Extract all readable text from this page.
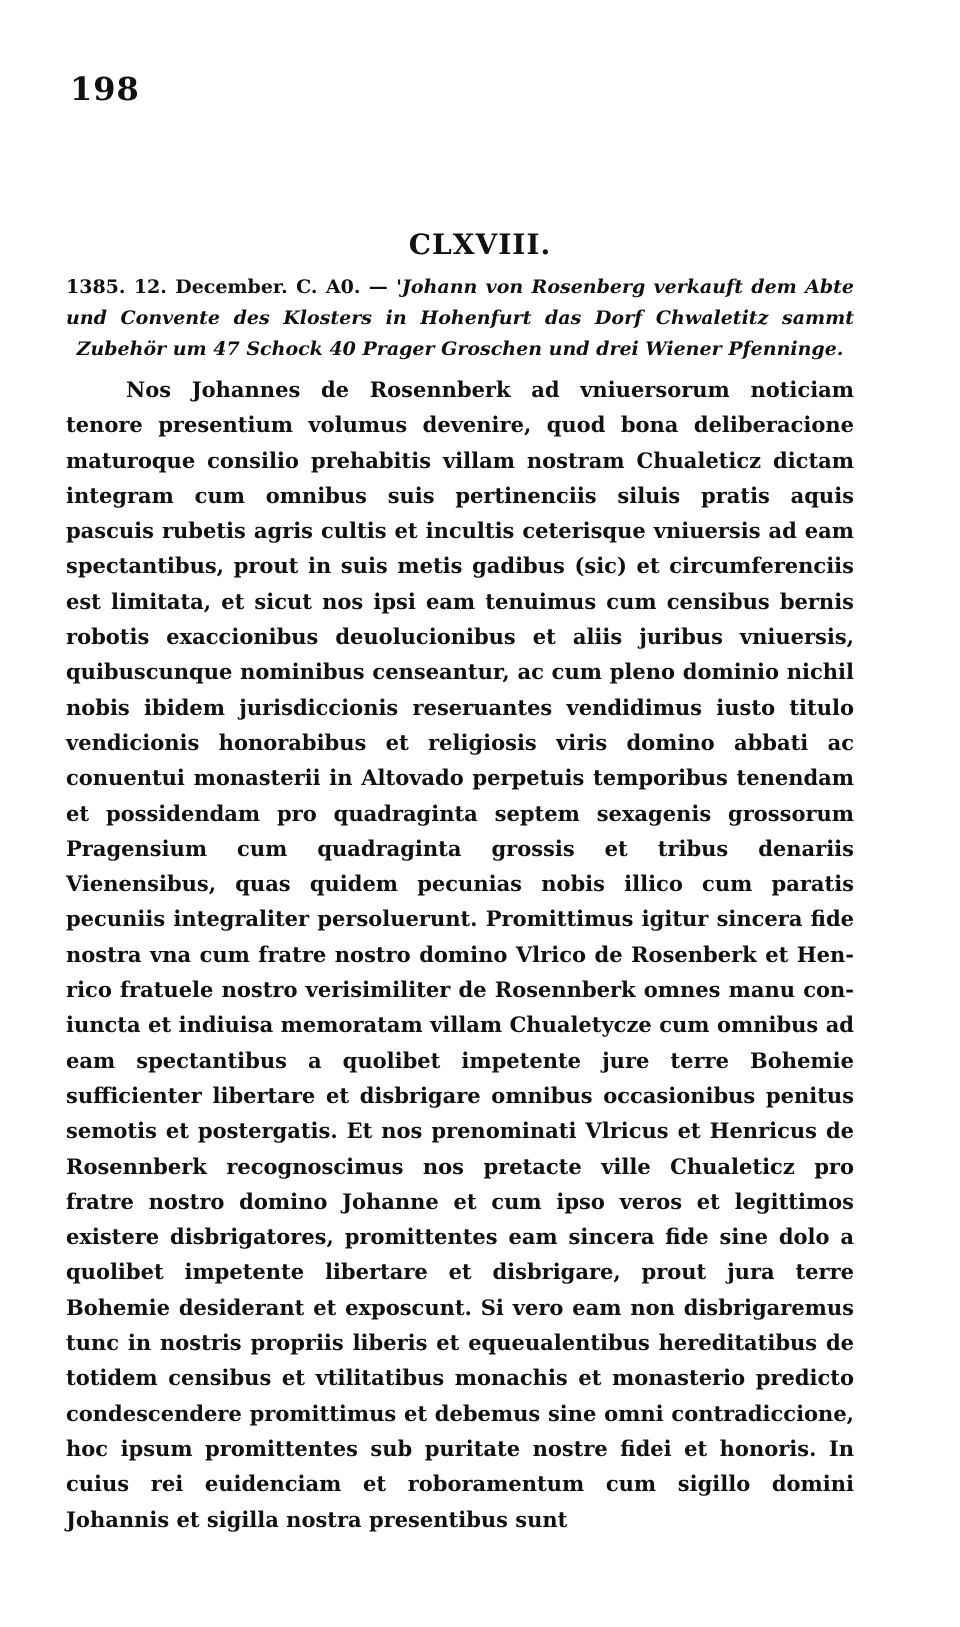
198
CLXVIII.
1385. 12. December. C. A0. — 'Johann von Rosenberg verkauft dem Abte und Convente des Klosters in Hohenfurt das Dorf Chwaletitz sammt Zubehör um 47 Schock 40 Prager Groschen und drei Wiener Pfenninge.
Nos Johannes de Rosennberk ad vniuersorum noticiam tenore presentium volumus devenire, quod bona deliberacione maturoque consilio prehabitis villam nostram Chualeticz dictam integram cum omnibus suis pertinenciis siluis pratis aquis pascuis rubetis agris cultis et incultis ceterisque vniuersis ad eam spectantibus, prout in suis metis gadibus (sic) et circumferenciis est limitata, et sicut nos ipsi eam tenuimus cum censibus bernis robotis exaccionibus deuolucionibus et aliis juribus vniuersis, quibuscunque nominibus censeantur, ac cum pleno dominio nichil nobis ibidem jurisdiccionis reseruantes vendidimus iusto titulo vendicionis honorabibus et religiosis viris domino abbati ac conuentui monasterii in Altovado perpetuis temporibus tenendam et possidendam pro quadraginta septem sexagenis grossorum Pragensium cum quadraginta grossis et tribus denariis Vienensibus, quas quidem pecunias nobis illico cum paratis pecuniis integraliter persoluerunt. Promittimus igitur sincera fide nostra vna cum fratre nostro domino Vlrico de Rosenberk et Henrico fratuele nostro verisimiliter de Rosennberk omnes manu coniuncta et indiuisa memoratam villam Chualetycze cum omnibus ad eam spectantibus a quolibet impetente jure terre Bohemie sufficienter libertare et disbrigare omnibus occasionibus penitus semotis et postergatis. Et nos prenominati Vlricus et Henricus de Rosennberk recognoscimus nos pretacte ville Chualeticz pro fratre nostro domino Johanne et cum ipso veros et legittimos existere disbrigatores, promittentes eam sincera fide sine dolo a quolibet impetente libertare et disbrigare, prout jura terre Bohemie desiderant et exposcunt. Si vero eam non disbrigaremus tunc in nostris propriis liberis et equeualentibus hereditatibus de totidem censibus et vtilitatibus monachis et monasterio predicto condescendere promittimus et debemus sine omni contradiccione, hoc ipsum promittentes sub puritate nostre fidei et honoris. In cuius rei euidenciam et roboramentum cum sigillo domini Johannis et sigilla nostra presentibus sunt
